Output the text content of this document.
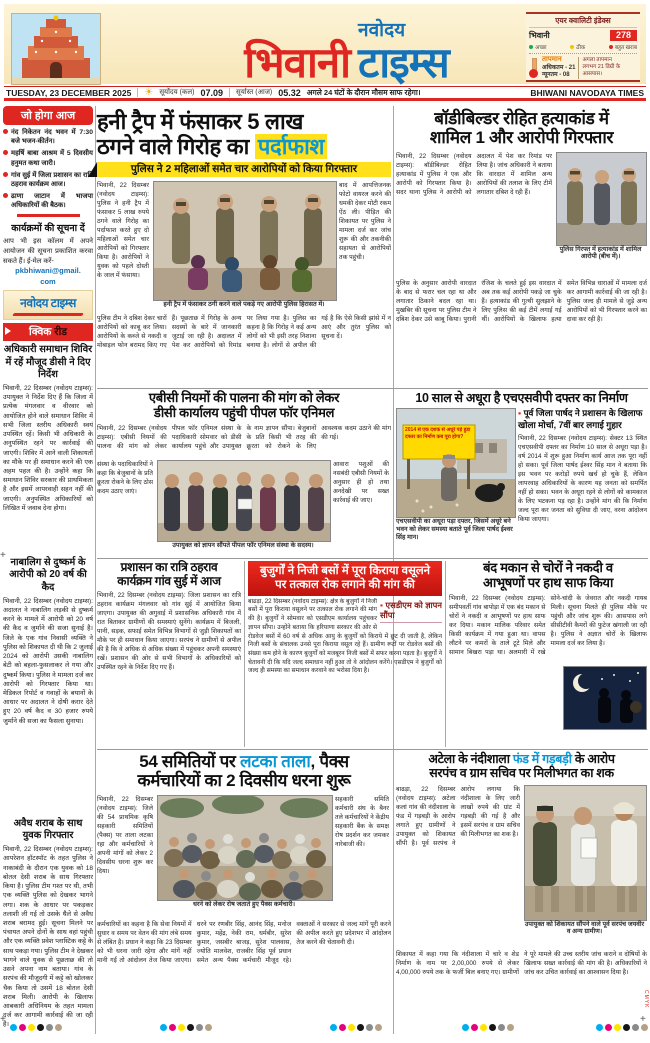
भिवानी
नवोदय
टाइम्स
एयर क्वालिटी इंडेक्स
भिवानी	278
अच्छा	ठीक	बहुत खराब
तापमान
अधिकतम - 21
न्यूनतम - 08
अगला तापमान लगभग 21 डिग्री के आसपास।
TUESDAY, 23 DECEMBER 2025 ☀ सूर्योदय (कल) 07.09 सूर्यास्त (आज) 05.32 अगले 24 घंटों के दौरान मौसम साफ रहेगा।	BHIWANI NAVODAYA TIMES
जो होगा आज
नंद निकेतन नंद भवन में 7:30 बजे भजन-कीर्तन।
महर्षि बाबा आश्रम में 5 दिवसीय हनुमत कथा जारी।
गांव सुई में जिला प्रशासन का रात्रि ठहराव कार्यक्रम आज।
ढाणा जाटान में भाजपा अधिकारियों की बैठक।
कार्यक्रमों की सूचना दें
आप भी इस कॉलम में अपने आयोजन की सूचना प्रकाशित करवा सकते हैं। ई-मेल करें-
pkbhiwani@gmail.
com
नवोदय टाइम्स
क्विक रीड
अधिकारी समाधान शिविर में रहें मौजूद डीसी ने दिए निर्देश
भिवानी, 22 दिसम्बर (नवोदय टाइम्स): उपायुक्त ने निर्देश दिए हैं कि जिला में प्रत्येक मंगलवार व वीरवार को आयोजित होने वाले समाधान शिविर में सभी जिला स्तरीय अधिकारी स्वयं उपस्थित रहें। किसी भी अधिकारी के अनुपस्थित रहने पर कार्रवाई की जाएगी। शिविर में आने वाली शिकायतों का मौके पर ही समाधान करने की एक अहम पहल की है। उन्होंने कहा कि समाधान शिविर सरकार की प्राथमिकता है और इसमें लापरवाही सहन नहीं की जाएगी। अनुपस्थित अधिकारियों को लिखित में जवाब देना होगा।
नाबालिग से दुष्कर्म के आरोपी को 20 वर्ष की कैद
भिवानी, 22 दिसम्बर (नवोदय टाइम्स): अदालत ने नाबालिग लड़की से दुष्कर्म करने के मामले में आरोपी को 20 वर्ष की कैद व जुर्माने की सजा सुनाई है। जिले के एक गांव निवासी व्यक्ति ने पुलिस को शिकायत दी थी कि 2 जुलाई 2024 को आरोपी उसकी नाबालिग बेटी को बहला-फुसलाकर ले गया और दुष्कर्म किया। पुलिस ने मामला दर्ज कर आरोपी को गिरफ्तार किया था। मेडिकल रिपोर्ट व गवाहों के बयानों के आधार पर अदालत ने दोषी करार देते हुए 20 वर्ष कैद व 30 हजार रुपये जुर्माने की सजा का फैसला सुनाया।
अवैध शराब के साथ युवक गिरफ्तार
भिवानी, 22 दिसम्बर (नवोदय टाइम्स): आपरेशन हॉटस्पॉट के तहत पुलिस ने नाकाबंदी के दौरान एक युवक को 18 बोतल देसी शराब के साथ गिरफ्तार किया है। पुलिस टीम गश्त पर थी, तभी एक व्यक्ति पुलिस को देखकर भागने लगा। शक के आधार पर पकड़कर तलाशी ली गई तो उसके थैले से अवैध शराब बरामद हुई। सूचना मिलने पर पंचायत अपने दोनों के साथ वहां पहुंची और एक व्यक्ति प्रवेश प्लास्टिक कट्टे के साथ पकड़ा गया। पुलिस टीम ने देखकर भागने वाले युवक से पूछताछ की तो उसने अपना नाम बताया। गांव के सरपंच की मौजूदगी में कट्टे को खोलकर चैक किया तो उसमें 18 बोतल देसी शराब मिली। आरोपी के खिलाफ आबकारी अधिनियम के तहत मामला दर्ज कर आगामी कार्रवाई की जा रही है।
हनी ट्रैप में फंसाकर 5 लाख
ठगने वाले गिरोह का पर्दाफाश
पुलिस ने 2 महिलाओं समेत चार आरोपियों को किया गिरफ्तार
भिवानी, 22 दिसम्बर (नवोदय टाइम्स): पुलिस ने हनी ट्रैप में फंसाकर 5 लाख रुपये ठगने वाले गिरोह का पर्दाफाश करते हुए दो महिलाओं समेत चार आरोपियों को गिरफ्तार किया है। आरोपियों ने युवक को पहले दोस्ती के जाल में फंसाया।
हनी ट्रैप में फंसाकर ठगी करने वाले पकड़े गए आरोपी पुलिस हिरासत में।
बाद में आपत्तिजनक फोटो वायरल करने की धमकी देकर मोटी रकम ऐंठ ली। पीड़ित की शिकायत पर पुलिस ने मामला दर्ज कर जांच शुरू की और तकनीकी सहायता से आरोपियों तक पहुंची।
पुलिस टीम ने दबिश देकर चारों आरोपियों को काबू कर लिया। आरोपियों के कब्जे से नकदी व मोबाइल फोन बरामद किए गए हैं। पूछताछ में गिरोह के अन्य सदस्यों के बारे में जानकारी जुटाई जा रही है। अदालत में पेश कर आरोपियों को रिमांड पर लिया गया है। पुलिस का कहना है कि गिरोह ने कई अन्य लोगों को भी इसी तरह निशाना बनाया है। लोगों से अपील की गई है कि ऐसे किसी झांसे में न आएं और तुरंत पुलिस को सूचना दें।
बॉडीबिल्डर रोहित हत्याकांड में
शामिल 1 और आरोपी गिरफ्तार
भिवानी, 22 दिसम्बर (नवोदय टाइम्स): बॉडीबिल्डर रोहित हत्याकांड में पुलिस ने एक और आरोपी को गिरफ्तार किया है। सदर थाना पुलिस ने आरोपी को अदालत में पेश कर रिमांड पर लिया है। जांच अधिकारी ने बताया कि वारदात में शामिल अन्य आरोपियों की तलाश के लिए टीमें लगातार दबिश दे रही हैं।
पुलिस गिरफ्त में हत्याकांड में शामिल आरोपी (बीच में)।
पुलिस के अनुसार आरोपी वारदात के बाद से फरार चल रहा था और लगातार ठिकाने बदल रहा था। मुखबिर की सूचना पर पुलिस टीम ने दबिश देकर उसे काबू किया। पुरानी रंजिश के चलते हुई इस वारदात में अब तक कई आरोपी पकड़े जा चुके हैं। हत्याकांड की गुत्थी सुलझाने के लिए पुलिस की कई टीमें लगाई गई थीं। आरोपियों के खिलाफ हत्या समेत विभिन्न धाराओं में मामला दर्ज कर आगामी कार्रवाई की जा रही है। पुलिस जल्द ही मामले से जुड़े अन्य आरोपियों को भी गिरफ्तार करने का दावा कर रही है।
एबीसी नियमों की पालना की मांग को लेकर
डीसी कार्यालय पहुंची पीपल फॉर एनिमल
भिवानी, 22 दिसम्बर (नवोदय टाइम्स): एबीसी नियमों की पालना की मांग को लेकर पीपल फॉर एनिमल संस्था के पदाधिकारी सोमवार को डीसी कार्यालय पहुंचे और उपायुक्त के नाम ज्ञापन सौंपा। बेजुबानों के प्रति किसी भी तरह की क्रूरता को रोकने के लिए आवश्यक कदम उठाने की मांग की गई।
संस्था के पदाधिकारियों ने कहा कि बेजुबानों के प्रति क्रूरता रोकने के लिए ठोस कदम उठाए जाएं।
उपायुक्त को ज्ञापन सौंपते पीपल फॉर एनिमल संस्था के सदस्य।
आवारा पशुओं की नसबंदी एबीसी नियमों के अनुसार ही हो तथा अनदेखी पर सख्त कार्रवाई की जाए।
10 साल से अधूरा है एचएसवीपी दफ्तर का निर्माण
2014 से एक दशक से अधूरे पड़े हुडा दफ्तर का निर्माण कब पूरा होगा?
एचएसवीपी का अधूरा पड़ा दफ्तर, जिसमें अधूरे बने भवन को लेकर समस्या बताते पूर्व जिला पार्षद ईश्वर सिंह मान।
▪ पूर्व जिला पार्षद ने प्रशासन के खिलाफ खोला मोर्चा, 7वीं बार लगाई गुहार
भिवानी, 22 दिसम्बर (नवोदय टाइम्स): सेक्टर 13 स्थित एचएसवीपी दफ्तर का निर्माण 10 साल से अधूरा पड़ा है। वर्ष 2014 में शुरू हुआ निर्माण कार्य आज तक पूरा नहीं हो सका। पूर्व जिला पार्षद ईश्वर सिंह मान ने बताया कि इस भवन पर करोड़ों रुपये खर्च हो चुके हैं, लेकिन लापरवाह अधिकारियों के कारण यह जनता को समर्पित नहीं हो सका। भवन के अधूरा रहने से लोगों को कामकाज के लिए भटकना पड़ रहा है। उन्होंने मांग की कि निर्माण जल्द पूरा कर जनता को सुविधा दी जाए, वरना आंदोलन किया जाएगा।
प्रशासन का रात्रि ठहराव
कार्यक्रम गांव सुई में आज
भिवानी, 22 दिसम्बर (नवोदय टाइम्स): जिला प्रशासन का रात्रि ठहराव कार्यक्रम मंगलवार को गांव सुई में आयोजित किया जाएगा। उपायुक्त की अगुवाई में प्रशासनिक अधिकारी गांव में रात बिताकर ग्रामीणों की समस्याएं सुनेंगे। कार्यक्रम में बिजली, पानी, सड़क, सफाई समेत विभिन्न विभागों से जुड़ी शिकायतों का मौके पर ही समाधान किया जाएगा। सरपंच ने ग्रामीणों से अपील की है कि वे अधिक से अधिक संख्या में पहुंचकर अपनी समस्याएं रखें। प्रशासन की ओर से सभी विभागों के अधिकारियों को उपस्थित रहने के निर्देश दिए गए हैं।
बुजुर्गों ने निजी बसों में पूरा किराया वसूलने
पर तत्काल रोक लगाने की मांग की
▪ एसडीएम को ज्ञापन सौंपा
बाढड़ा, 22 दिसम्बर (नवोदय टाइम्स): क्षेत्र के बुजुर्गों ने निजी बसों में पूरा किराया वसूलने पर तत्काल रोक लगाने की मांग की है। बुजुर्गों ने सोमवार को एसडीएम कार्यालय पहुंचकर ज्ञापन सौंपा। उन्होंने बताया कि हरियाणा सरकार की ओर से रोडवेज बसों में 60 वर्ष से अधिक आयु के बुजुर्गों को किराये में छूट दी जाती है, लेकिन निजी बसों के संचालक उनसे पूरा किराया वसूल रहे हैं। ग्रामीण रूटों पर रोडवेज बसों की संख्या कम होने के कारण बुजुर्गों को मजबूरन निजी बसों में सफर करना पड़ता है। बुजुर्गों ने चेतावनी दी कि यदि जल्द समाधान नहीं हुआ तो वे आंदोलन करेंगे। एसडीएम ने बुजुर्गों को जल्द ही समस्या का समाधान करवाने का भरोसा दिया है।
बंद मकान से चोरों ने नकदी व
आभूषणों पर हाथ साफ किया
भिवानी, 22 दिसम्बर (नवोदय टाइम्स): समीपवर्ती गांव बापोड़ा में एक बंद मकान से चोरों ने नकदी व आभूषणों पर हाथ साफ कर दिया। मकान मालिक परिवार समेत किसी कार्यक्रम में गया हुआ था। वापस लौटने पर कमरों के ताले टूटे मिले और सामान बिखरा पड़ा था। अलमारी में रखे सोने-चांदी के जेवरात और नकदी गायब मिली। सूचना मिलते ही पुलिस मौके पर पहुंची और जांच शुरू की। आसपास लगे सीसीटीवी कैमरों की फुटेज खंगाली जा रही है। पुलिस ने अज्ञात चोरों के खिलाफ मामला दर्ज कर लिया है।
54 समितियों पर लटका ताला, पैक्स
कर्मचारियों का 2 दिवसीय धरना शुरू
भिवानी, 22 दिसम्बर (नवोदय टाइम्स): जिले की 54 प्राथमिक कृषि सहकारी समितियों (पैक्स) पर ताला लटका रहा और कर्मचारियों ने अपनी मांगों को लेकर 2 दिवसीय धरना शुरू कर दिया।
धरने को लेकर रोष जताते हुए पैक्स कर्मचारी।
सहकारी समिति कर्मचारी संघ के बैनर तले कर्मचारियों ने केंद्रीय सहकारी बैंक के समक्ष रोष प्रदर्शन कर जमकर नारेबाजी की।
कर्मचारियों का कहना है कि सेवा नियमों में सुधार व समय पर वेतन की मांग लंबे समय से लंबित है। प्रधान ने कहा कि 23 दिसम्बर को भी धरना जारी रहेगा और मांगें नहीं मानी गईं तो आंदोलन तेज किया जाएगा। धरने पर रणबीर सिंह, आनंद सिंह, मनोज कुमार, महेंद्र, नेकी राम, धर्मबीर, सुरेश कुमार, जसबीर बाजड़, सुरेश पालवास, ज्योति मालवेश, राजबीर सिंह पूर्व प्रधान समेत अन्य पैक्स कर्मचारी मौजूद रहे। वक्ताओं ने सरकार से जल्द मांगें पूरी करने की अपील करते हुए प्रदेशभर में आंदोलन तेज करने की चेतावनी दी।
अटेला के नंदीशाला फंड में गड़बड़ी के आरोप
सरपंच व ग्राम सचिव पर मिलीभगत का शक
बाढड़ा, 22 दिसम्बर (नवोदय टाइम्स): अटेला कलां गांव की नंदीशाला के फंड में गड़बड़ी के आरोप लगाते हुए ग्रामीणों ने उपायुक्त को शिकायत सौंपी है। पूर्व सरपंच ने आरोप लगाया कि नंदीशाला के लिए जारी लाखों रुपये की ग्रांट में गड़बड़ी की गई है और इसमें सरपंच व ग्राम सचिव की मिलीभगत का शक है।
उपायुक्त को शिकायत सौंपने वाले पूर्व सरपंच जयवीर व अन्य ग्रामीण।
शिकायत में कहा गया कि नंदीशाला में चारे व शेड निर्माण के नाम पर 2,00,000 रुपये से लेकर 4,00,000 रुपये तक के फर्जी बिल बनाए गए। ग्रामीणों ने पूरे मामले की उच्च स्तरीय जांच कराने व दोषियों के खिलाफ सख्त कार्रवाई की मांग की है। अधिकारियों ने जांच कर उचित कार्रवाई का आश्वासन दिया है।
+
+
+
CMYK
